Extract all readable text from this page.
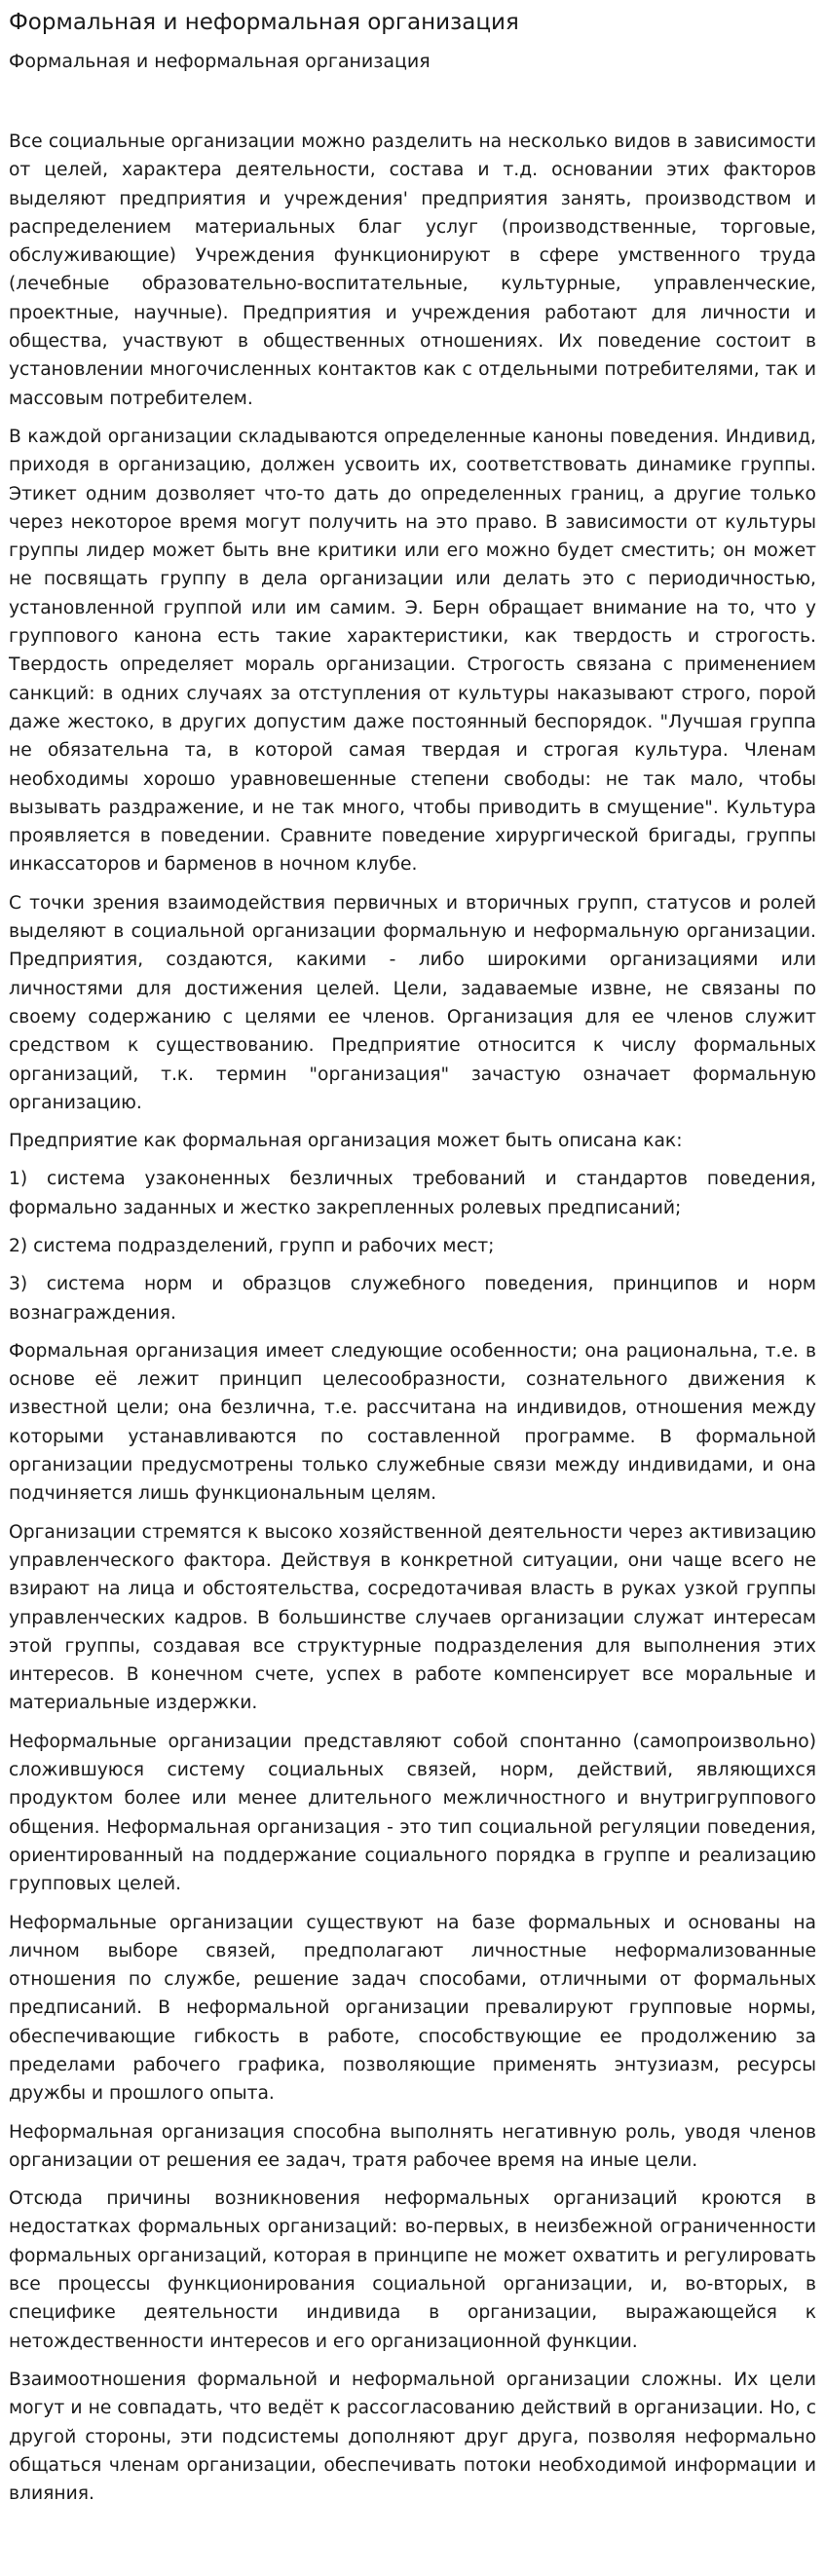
Формальная и неформальная организация
Формальная и неформальная организация

Все социальные организации можно разделить на несколько видов в зависимости от целей, характера деятельности, состава и т.д. основании этих факторов выделяют предприятия и учреждения' предприятия занять, производством и распределением материальных благ услуг (производственные, торговые, обслуживающие) Учреждения функционируют в сфере умственного труда (лечебные образовательно-воспитательные, культурные, управленческие, проектные, научные). Предприятия и учреждения работают для личности и общества, участвуют в общественных отношениях. Их поведение состоит в установлении многочисленных контактов как с отдельными потребителями, так и массовым потребителем.

В каждой организации складываются определенные каноны поведения. Индивид, приходя в организацию, должен усвоить их, соответствовать динамике группы. Этикет одним дозволяет что-то дать до определенных границ, а другие только через некоторое время могут получить на это право. В зависимости от культуры группы лидер может быть вне критики или его можно будет сместить; он может не посвящать группу в дела организации или делать это с периодичностью, установленной группой или им самим. Э. Берн обращает внимание на то, что у группового канона есть такие характеристики, как твердость и строгость. Твердость определяет мораль организации. Строгость связана с применением санкций: в одних случаях за отступления от культуры наказывают строго, порой даже жестоко, в других допустим даже постоянный беспорядок. "Лучшая группа не обязательна та, в которой самая твердая и строгая культура. Членам необходимы хорошо уравновешенные степени свободы: не так мало, чтобы вызывать раздражение, и не так много, чтобы приводить в смущение". Культура проявляется в поведении. Сравните поведение хирургической бригады, группы инкассаторов и барменов в ночном клубе.

С точки зрения взаимодействия первичных и вторичных групп, статусов и ролей выделяют в социальной организации формальную и неформальную организации. Предприятия, создаются, какими - либо широкими организациями или личностями для достижения целей. Цели, задаваемые извне, не связаны по своему содержанию с целями ее членов. Организация для ее членов служит средством к существованию. Предприятие относится к числу формальных организаций, т.к. термин "организация" зачастую означает формальную организацию.

Предприятие как формальная организация может быть описана как:

1) система узаконенных безличных требований и стандартов поведения, формально заданных и жестко закрепленных ролевых предписаний;

2) система подразделений, групп и рабочих мест;

3) система норм и образцов служебного поведения, принципов и норм вознаграждения.

Формальная организация имеет следующие особенности; она рациональна, т.е. в основе её лежит принцип целесообразности, сознательного движения к известной цели; она безлична, т.е. рассчитана на индивидов, отношения между которыми устанавливаются по составленной программе. В формальной организации предусмотрены только служебные связи между индивидами, и она подчиняется лишь функциональным целям.

Организации стремятся к высоко хозяйственной деятельности через активизацию управленческого фактора. Действуя в конкретной ситуации, они чаще всего не взирают на лица и обстоятельства, сосредотачивая власть в руках узкой группы управленческих кадров. В большинстве случаев организации служат интересам этой группы, создавая все структурные подразделения для выполнения этих интересов. В конечном счете, успех в работе компенсирует все моральные и материальные издержки.

Неформальные организации представляют собой спонтанно (самопроизвольно) сложившуюся систему социальных связей, норм, действий, являющихся продуктом более или менее длительного межличностного и внутригруппового общения. Неформальная организация - это тип социальной регуляции поведения, ориентированный на поддержание социального порядка в группе и реализацию групповых целей.

Неформальные организации существуют на базе формальных и основаны на личном выборе связей, предполагают личностные неформализованные отношения по службе, решение задач способами, отличными от формальных предписаний. В неформальной организации превалируют групповые нормы, обеспечивающие гибкость в работе, способствующие ее продолжению за пределами рабочего графика, позволяющие применять энтузиазм, ресурсы дружбы и прошлого опыта.

Неформальная организация способна выполнять негативную роль, уводя членов организации от решения ее задач, тратя рабочее время на иные цели.

Отсюда причины возникновения неформальных организаций кроются в недостатках формальных организаций: во-первых, в неизбежной ограниченности формальных организаций, которая в принципе не может охватить и регулировать все процессы функционирования социальной организации, и, во-вторых, в специфике деятельности индивида в организации, выражающейся к нетождественности интересов и его организационной функции.

Взаимоотношения формальной и неформальной организации сложны. Их цели могут и не совпадать, что ведёт к рассогласованию действий в организации. Но, с другой стороны, эти подсистемы дополняют друг друга, позволяя неформально общаться членам организации, обеспечивать потоки необходимой информации и влияния.
